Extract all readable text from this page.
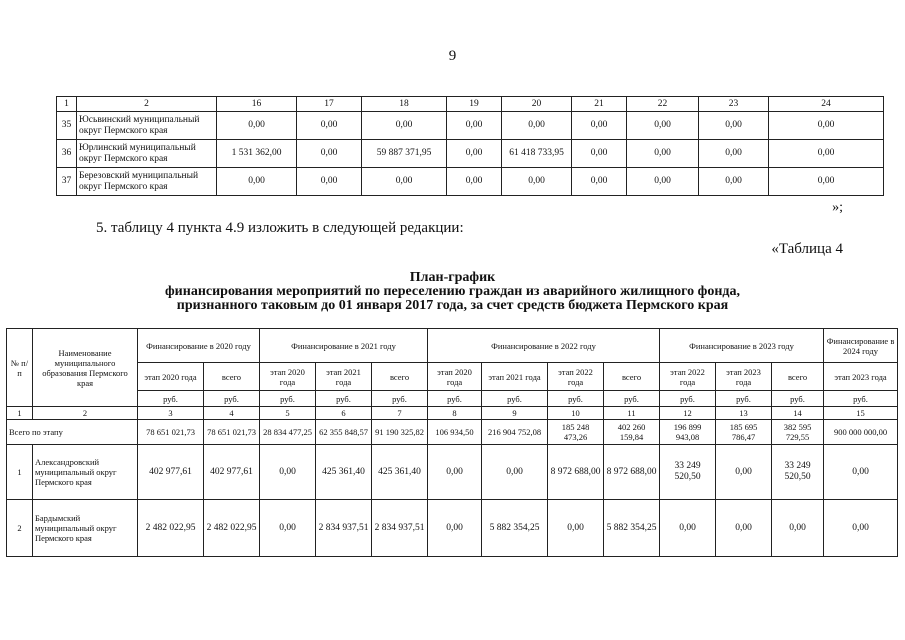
9
1	2	16	17	18	19	20	21	22	23	24
35	Юсьвинский муниципальный округ Пермского края	0,00	0,00	0,00	0,00	0,00	0,00	0,00	0,00	0,00
36	Юрлинский муниципальный округ Пермского края	1 531 362,00	0,00	59 887 371,95	0,00	61 418 733,95	0,00	0,00	0,00	0,00
37	Березовский муниципальный округ Пермского края	0,00	0,00	0,00	0,00	0,00	0,00	0,00	0,00	0,00
»;
5. таблицу 4 пункта 4.9 изложить в следующей редакции:
«Таблица 4
План-график
финансирования мероприятий по переселению граждан из аварийного жилищного фонда,
признанного таковым до 01 января 2017 года, за счет средств бюджета Пермского края
№ п/п	Наименование муниципального образования Пермского края	Финансирование в 2020 году		Финансирование в 2021 году			Финансирование в 2022 году				Финансирование в 2023 году			Финансирование в 2024 году
		этап 2020 года	всего	этап 2020 года	этап 2021 года	всего	этап 2020 года	этап 2021 года	этап 2022 года	всего	этап 2022 года	этап 2023 года	всего	этап 2023 года
		руб.	руб.	руб.	руб.	руб.	руб.	руб.	руб.	руб.	руб.	руб.	руб.	руб.
1	2	3	4	5	6	7	8	9	10	11	12	13	14	15
Всего по этапу		78 651 021,73	78 651 021,73	28 834 477,25	62 355 848,57	91 190 325,82	106 934,50	216 904 752,08	185 248 473,26	402 260 159,84	196 899 943,08	185 695 786,47	382 595 729,55	900 000 000,00
1	Александровский муниципальный округ Пермского края	402 977,61	402 977,61	0,00	425 361,40	425 361,40	0,00	0,00	8 972 688,00	8 972 688,00	33 249 520,50	0,00	33 249 520,50	0,00
2	Бардымский муниципальный округ Пермского края	2 482 022,95	2 482 022,95	0,00	2 834 937,51	2 834 937,51	0,00	5 882 354,25	0,00	5 882 354,25	0,00	0,00	0,00	0,00
